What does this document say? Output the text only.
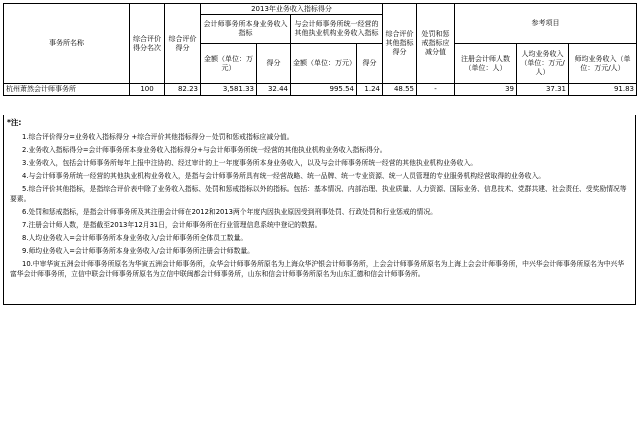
事务所名称	综合评价得分名次	综合评价得分	2013年业务收入指标得分				综合评价其他指标得分	处罚和惩戒指标应减分值	参考项目		
			会计师事务所本身业务收入指标		与会计师事务所统一经营的其他执业机构业务收入指标						
			金额（单位：万元）	得分	金额（单位：万元）	得分			注册会计师人数（单位：人）	人均业务收入（单位：万元/人）	师均业务收入（单位：万元/人）
杭州萧然会计师事务所	100	82.23	3,581.33	32.44	995.54	1.24	48.55	-	39	37.31	91.83
*注:

1.综合评价得分=业务收入指标得分 +综合评价其他指标得分－处罚和惩戒指标应减分值。

2.业务收入指标得分=会计师事务所本身业务收入指标得分+与会计师事务所统一经营的其他执业机构业务收入指标得分。

3.业务收入，包括会计师事务所每年上报中注协的、经过审计的上一年度事务所本身业务收入，以及与会计师事务所统一经营的其他执业机构业务收入。

4.与会计师事务所统一经营的其他执业机构业务收入，是指与会计师事务所具有统一经营战略、统一品牌、统一专业资源、统一人员管理的专业服务机构经营取得的业务收入。

5.综合评价其他指标，是指综合评价表中除了业务收入指标、处罚和惩戒指标以外的指标。包括：基本情况、内部治理、执业质量、人力资源、国际业务、信息技术、党群共建、社会责任、受奖励情况等要素。

6.处罚和惩戒指标，是指会计师事务所及其注册会计师在2012和2013两个年度内因执业原因受到刑事处罚、行政处罚和行业惩戒的情况。

7.注册会计师人数，是指截至2013年12月31日，会计师事务所在行业管理信息系统中登记的数据。

8.人均业务收入=会计师事务所本身业务收入/会计师事务所全体员工数量。

9.师均业务收入=会计师事务所本身业务收入/会计师事务所注册会计师数量。

10.中审华寅五洲会计师事务所原名为华寅五洲会计师事务所，众华会计师事务所原名为上海众华沪银会计师事务所，上会会计师事务所原名为上海上会会计师事务所，中兴华会计师事务所原名为中兴华富华会计师事务所，立信中联会计师事务所原名为立信中联闽都会计师事务所，山东和信会计师事务所原名为山东汇德和信会计师事务所。
